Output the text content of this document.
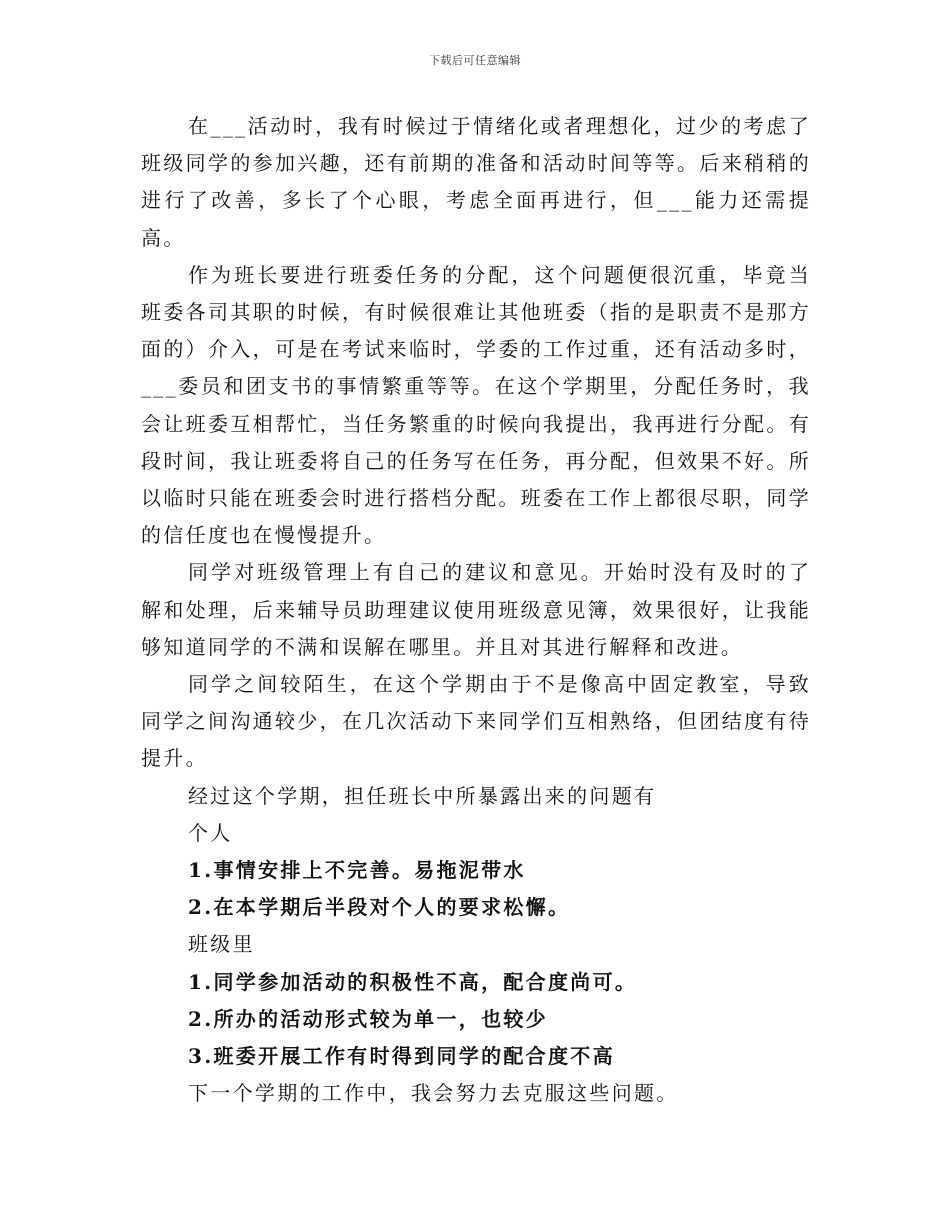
下载后可任意编辑

在___活动时，我有时候过于情绪化或者理想化，过少的考虑了班级同学的参加兴趣，还有前期的准备和活动时间等等。后来稍稍的进行了改善，多长了个心眼，考虑全面再进行，但___能力还需提高。

作为班长要进行班委任务的分配，这个问题便很沉重，毕竟当班委各司其职的时候，有时候很难让其他班委（指的是职责不是那方面的）介入，可是在考试来临时，学委的工作过重，还有活动多时，___委员和团支书的事情繁重等等。在这个学期里，分配任务时，我会让班委互相帮忙，当任务繁重的时候向我提出，我再进行分配。有段时间，我让班委将自己的任务写在任务，再分配，但效果不好。所以临时只能在班委会时进行搭档分配。班委在工作上都很尽职，同学的信任度也在慢慢提升。

同学对班级管理上有自己的建议和意见。开始时没有及时的了解和处理，后来辅导员助理建议使用班级意见簿，效果很好，让我能够知道同学的不满和误解在哪里。并且对其进行解释和改进。

同学之间较陌生，在这个学期由于不是像高中固定教室，导致同学之间沟通较少，在几次活动下来同学们互相熟络，但团结度有待提升。

经过这个学期，担任班长中所暴露出来的问题有

个人

1.事情安排上不完善。易拖泥带水

2.在本学期后半段对个人的要求松懈。

班级里

1.同学参加活动的积极性不高，配合度尚可。

2.所办的活动形式较为单一，也较少

3.班委开展工作有时得到同学的配合度不高

下一个学期的工作中，我会努力去克服这些问题。
